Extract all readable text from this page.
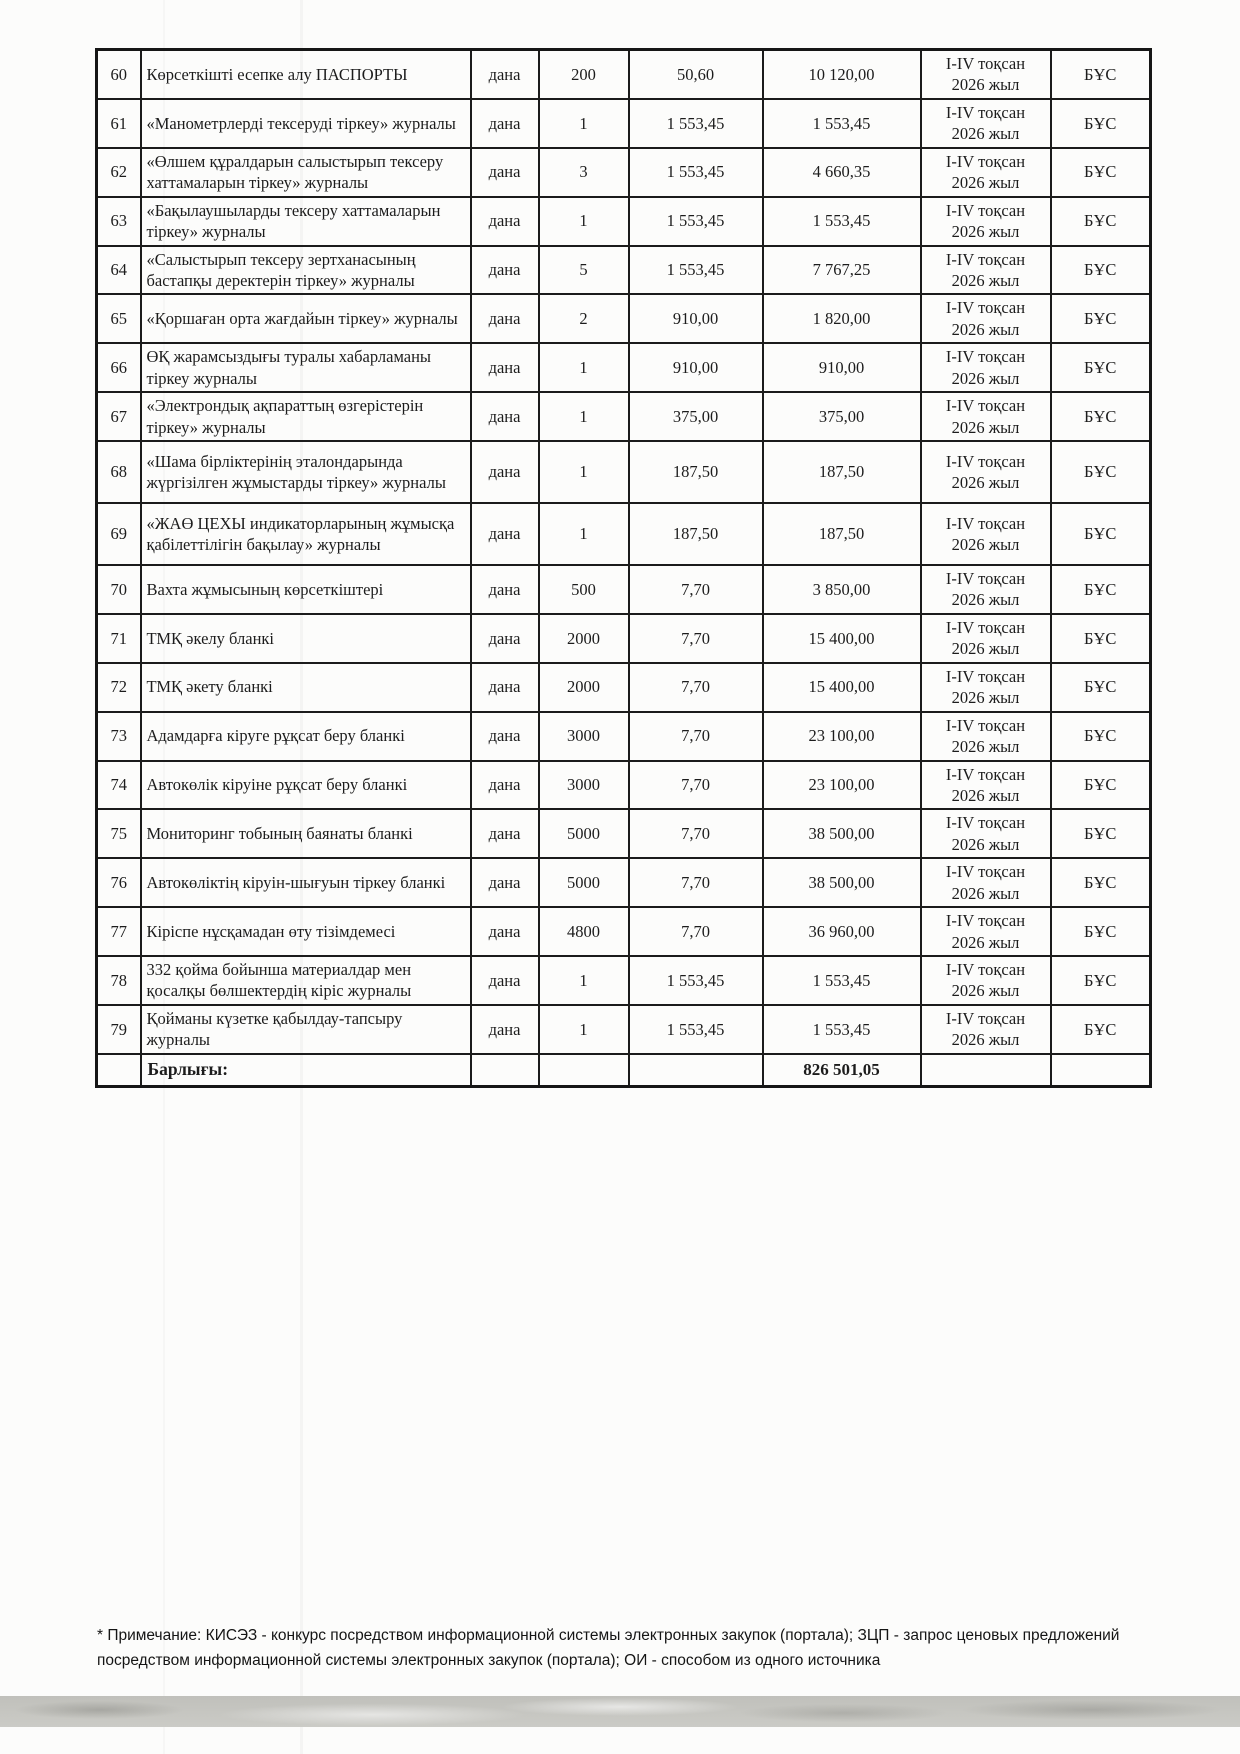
60	Көрсеткішті есепке алу ПАСПОРТЫ	дана	200	50,60	10 120,00	I-IV тоқсан 2026 жыл	БҰС
61	«Манометрлерді тексеруді тіркеу» журналы	дана	1	1 553,45	1 553,45	I-IV тоқсан 2026 жыл	БҰС
62	«Өлшем құралдарын салыстырып тексеру хаттамаларын тіркеу» журналы	дана	3	1 553,45	4 660,35	I-IV тоқсан 2026 жыл	БҰС
63	«Бақылаушыларды тексеру хаттамаларын тіркеу» журналы	дана	1	1 553,45	1 553,45	I-IV тоқсан 2026 жыл	БҰС
64	«Салыстырып тексеру зертханасының бастапқы деректерін тіркеу» журналы	дана	5	1 553,45	7 767,25	I-IV тоқсан 2026 жыл	БҰС
65	«Қоршаған орта жағдайын тіркеу» журналы	дана	2	910,00	1 820,00	I-IV тоқсан 2026 жыл	БҰС
66	ӨҚ жарамсыздығы туралы хабарламаны тіркеу журналы	дана	1	910,00	910,00	I-IV тоқсан 2026 жыл	БҰС
67	«Электрондық ақпараттың өзгерістерін тіркеу» журналы	дана	1	375,00	375,00	I-IV тоқсан 2026 жыл	БҰС
68	«Шама бірліктерінің эталондарында жүргізілген жұмыстарды тіркеу» журналы	дана	1	187,50	187,50	I-IV тоқсан 2026 жыл	БҰС
69	«ЖАӨ ЦЕХЫ индикаторларының жұмысқа қабілеттілігін бақылау» журналы	дана	1	187,50	187,50	I-IV тоқсан 2026 жыл	БҰС
70	Вахта жұмысының көрсеткіштері	дана	500	7,70	3 850,00	I-IV тоқсан 2026 жыл	БҰС
71	ТМҚ әкелу бланкі	дана	2000	7,70	15 400,00	I-IV тоқсан 2026 жыл	БҰС
72	ТМҚ әкету бланкі	дана	2000	7,70	15 400,00	I-IV тоқсан 2026 жыл	БҰС
73	Адамдарға кіруге рұқсат беру бланкі	дана	3000	7,70	23 100,00	I-IV тоқсан 2026 жыл	БҰС
74	Автокөлік кіруіне рұқсат беру бланкі	дана	3000	7,70	23 100,00	I-IV тоқсан 2026 жыл	БҰС
75	Мониторинг тобының баянаты бланкі	дана	5000	7,70	38 500,00	I-IV тоқсан 2026 жыл	БҰС
76	Автокөліктің кіруін-шығуын тіркеу бланкі	дана	5000	7,70	38 500,00	I-IV тоқсан 2026 жыл	БҰС
77	Кіріспе нұсқамадан өту тізімдемесі	дана	4800	7,70	36 960,00	I-IV тоқсан 2026 жыл	БҰС
78	332 қойма бойынша материалдар мен қосалқы бөлшектердің кіріс журналы	дана	1	1 553,45	1 553,45	I-IV тоқсан 2026 жыл	БҰС
79	Қойманы күзетке қабылдау-тапсыру журналы	дана	1	1 553,45	1 553,45	I-IV тоқсан 2026 жыл	БҰС
	Барлығы:				826 501,05		
* Примечание: КИСЭЗ - конкурс посредством информационной системы электронных закупок (портала); ЗЦП - запрос ценовых предложений посредством информационной системы электронных закупок (портала); ОИ - способом из одного источника
